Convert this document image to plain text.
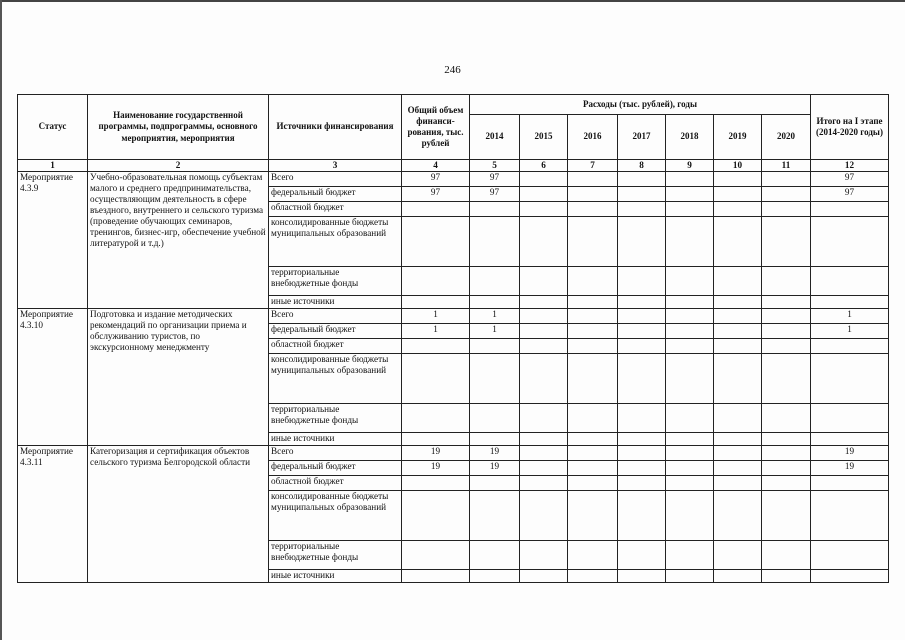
246
Статус	Наименование государственной программы, подпрограммы, основного мероприятия, мероприятия	Источники финансирования	Общий объем финанси-рования, тыс. рублей	Расходы (тыс. рублей), годы							Итого на I этапе (2014-2020 годы)
				2014	2015	2016	2017	2018	2019	2020	
1	2	3	4	5	6	7	8	9	10	11	12
Мероприятие 4.3.9	Учебно-образовательная помощь субъектам малого и среднего предпринимательства, осуществляющим деятельность в сфере въездного, внутреннего и сельского туризма (проведение обучающих семинаров, тренингов, бизнес-игр, обеспечение учебной литературой и т.д.)	Всего	97	97							97
		федеральный бюджет	97	97							97
		областной бюджет									
		консолидированные бюджеты муниципальных образований									
		территориальные внебюджетные фонды									
		иные источники									
Мероприятие 4.3.10	Подготовка и издание методических рекомендаций по организации приема и обслуживанию туристов, по экскурсионному менеджменту	Всего	1	1							1
		федеральный бюджет	1	1							1
		областной бюджет									
		консолидированные бюджеты муниципальных образований									
		территориальные внебюджетные фонды									
		иные источники									
Мероприятие 4.3.11	Категоризация и сертификация объектов сельского туризма Белгородской области	Всего	19	19							19
		федеральный бюджет	19	19							19
		областной бюджет									
		консолидированные бюджеты муниципальных образований									
		территориальные внебюджетные фонды									
		иные источники									
